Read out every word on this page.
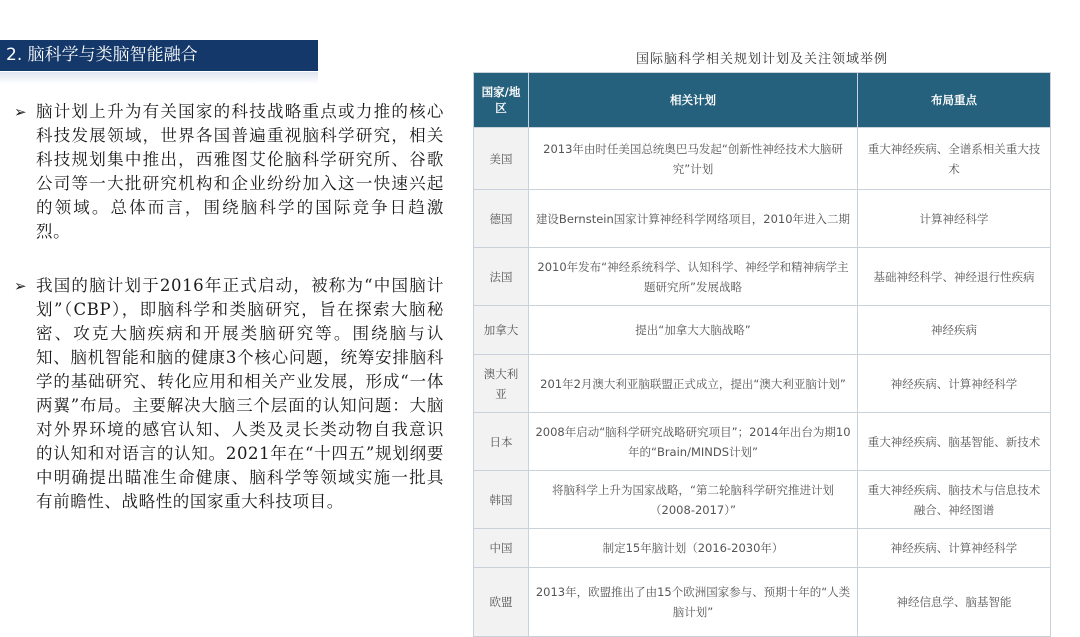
2. 脑科学与类脑智能融合
➢ 脑计划上升为有关国家的科技战略重点或力推的核心科技发展领域，世界各国普遍重视脑科学研究，相关科技规划集中推出，西雅图艾伦脑科学研究所、谷歌公司等一大批研究机构和企业纷纷加入这一快速兴起的领域。总体而言，围绕脑科学的国际竞争日趋激烈。
➢ 我国的脑计划于2016年正式启动，被称为“中国脑计划”（CBP），即脑科学和类脑研究，旨在探索大脑秘密、攻克大脑疾病和开展类脑研究等。围绕脑与认知、脑机智能和脑的健康3个核心问题，统筹安排脑科学的基础研究、转化应用和相关产业发展，形成“一体两翼”布局。主要解决大脑三个层面的认知问题：大脑对外界环境的感官认知、人类及灵长类动物自我意识的认知和对语言的认知。2021年在“十四五”规划纲要中明确提出瞄准生命健康、脑科学等领域实施一批具有前瞻性、战略性的国家重大科技项目。
国际脑科学相关规划计划及关注领域举例
国家/地区	相关计划	布局重点
美国	2013年由时任美国总统奥巴马发起“创新性神经技术大脑研究”计划	重大神经疾病、全谱系相关重大技术
德国	建设Bernstein国家计算神经科学网络项目，2010年进入二期	计算神经科学
法国	2010年发布“神经系统科学、认知科学、神经学和精神病学主题研究所”发展战略	基础神经科学、神经退行性疾病
加拿大	提出“加拿大大脑战略”	神经疾病
澳大利亚	201年2月澳大利亚脑联盟正式成立，提出“澳大利亚脑计划”	神经疾病、计算神经科学
日本	2008年启动“脑科学研究战略研究项目”；2014年出台为期10年的“Brain/MINDS计划”	重大神经疾病、脑基智能、新技术
韩国	将脑科学上升为国家战略，“第二轮脑科学研究推进计划（2008-2017）”	重大神经疾病、脑技术与信息技术融合、神经图谱
中国	制定15年脑计划（2016-2030年）	神经疾病、计算神经科学
欧盟	2013年，欧盟推出了由15个欧洲国家参与、预期十年的“人类脑计划”	神经信息学、脑基智能
